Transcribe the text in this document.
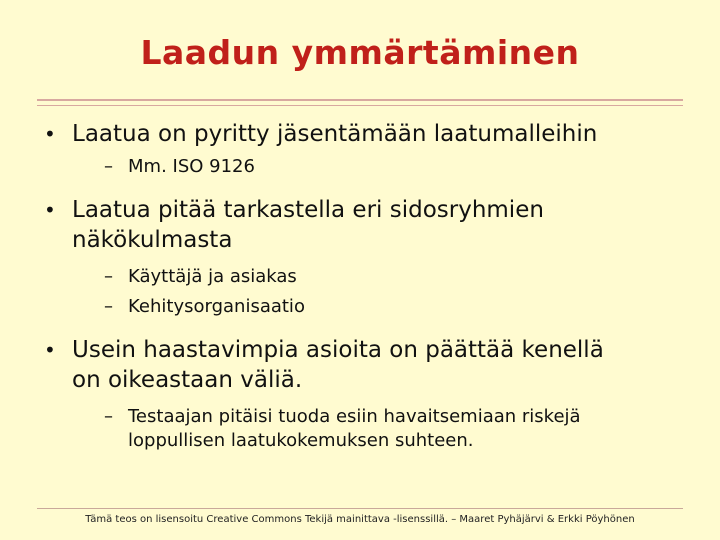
Laadun ymmärtäminen
• Laatua on pyritty jäsentämään laatumalleihin
– Mm. ISO 9126
• Laatua pitää tarkastella eri sidosryhmien
näkökulmasta
– Käyttäjä ja asiakas
– Kehitysorganisaatio
• Usein haastavimpia asioita on päättää kenellä
on oikeastaan väliä.
– Testaajan pitäisi tuoda esiin havaitsemiaan riskejä
loppullisen laatukokemuksen suhteen.
Tämä teos on lisensoitu Creative Commons Tekijä mainittava -lisenssillä. – Maaret Pyhäjärvi & Erkki Pöyhönen
